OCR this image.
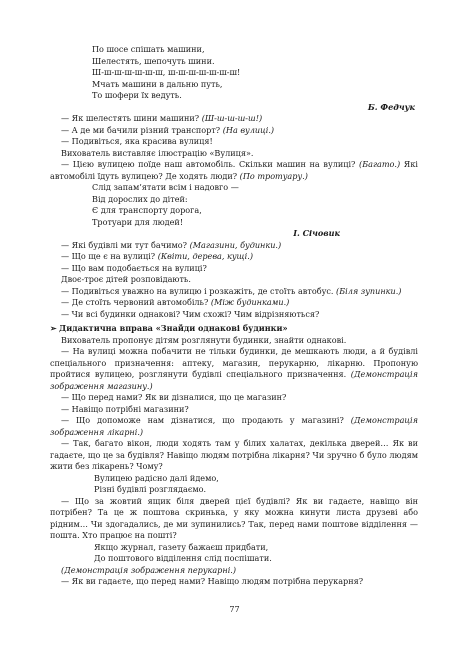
По шосе спішать машини,
Шелестять, шепочуть шини.
Ш-ш-ш-ш-ш-ш-ш, ш-ш-ш-ш-ш-ш-ш!
Мчать машини в дальню путь,
То шофери їх ведуть.

Б. Федчук

— Як шелестять шини машини? (Ш-ш-ш-ш-ш!)

— А де ми бачили різний транспорт? (На вулиці.)

— Подивіться, яка красива вулиця!

Вихователь виставляє ілюстрацію «Вулиця».

— Цією вулицею поїде наш автомобіль. Скільки машин на вулиці? (Багато.) Які автомобілі їдуть вулицею? Де ходять люди? (По тротуару.)

Слід запам’ятати всім і надовго —
Від дорослих до дітей:
Є для транспорту дорога,
Тротуари для людей!

І. Січовик

— Які будівлі ми тут бачимо? (Магазини, будинки.)

— Що ще є на вулиці? (Квіти, дерева, кущі.)

— Що вам подобається на вулиці?

Двоє-троє дітей розповідають.

— Подивіться уважно на вулицю і розкажіть, де стоїть автобус. (Біля зупинки.)

— Де стоїть червоний автомобіль? (Між будинками.)

— Чи всі будинки однакові? Чим схожі? Чим відрізняються?

➢ Дидактична вправа «Знайди однакові будинки»

Вихователь пропонує дітям розглянути будинки, знайти однакові.

— На вулиці можна побачити не тільки будинки, де мешкають люди, а й будівлі спеціального призначення: аптеку, магазин, перукарню, лікарню. Пропоную пройтися вулицею, розглянути будівлі спеціального призначення. (Демонстрація зображення магазину.)

— Що перед нами? Як ви дізналися, що це магазин?

— Навіщо потрібні магазини?

— Що допоможе нам дізнатися, що продають у магазині? (Демонстрація зображення лікарні.)

— Так, багато вікон, люди ходять там у білих халатах, декілька дверей… Як ви гадаєте, що це за будівля? Навіщо людям потрібна лікарня? Чи зручно б було людям жити без лікарень? Чому?

Вулицею радісно далі йдемо,
Різні будівлі розглядаємо.

— Що за жовтий ящик біля дверей цієї будівлі? Як ви гадаєте, навіщо він потрібен? Та це ж поштова скринька, у яку можна кинути листа друзеві або рідним… Чи здогадались, де ми зупинились? Так, перед нами поштове відділення — пошта. Хто працює на пошті?

Якщо журнал, газету бажаєш придбати,
До поштового відділення слід поспішати.

(Демонстрація зображення перукарні.)

— Як ви гадаєте, що перед нами? Навіщо людям потрібна перукарня?

77
